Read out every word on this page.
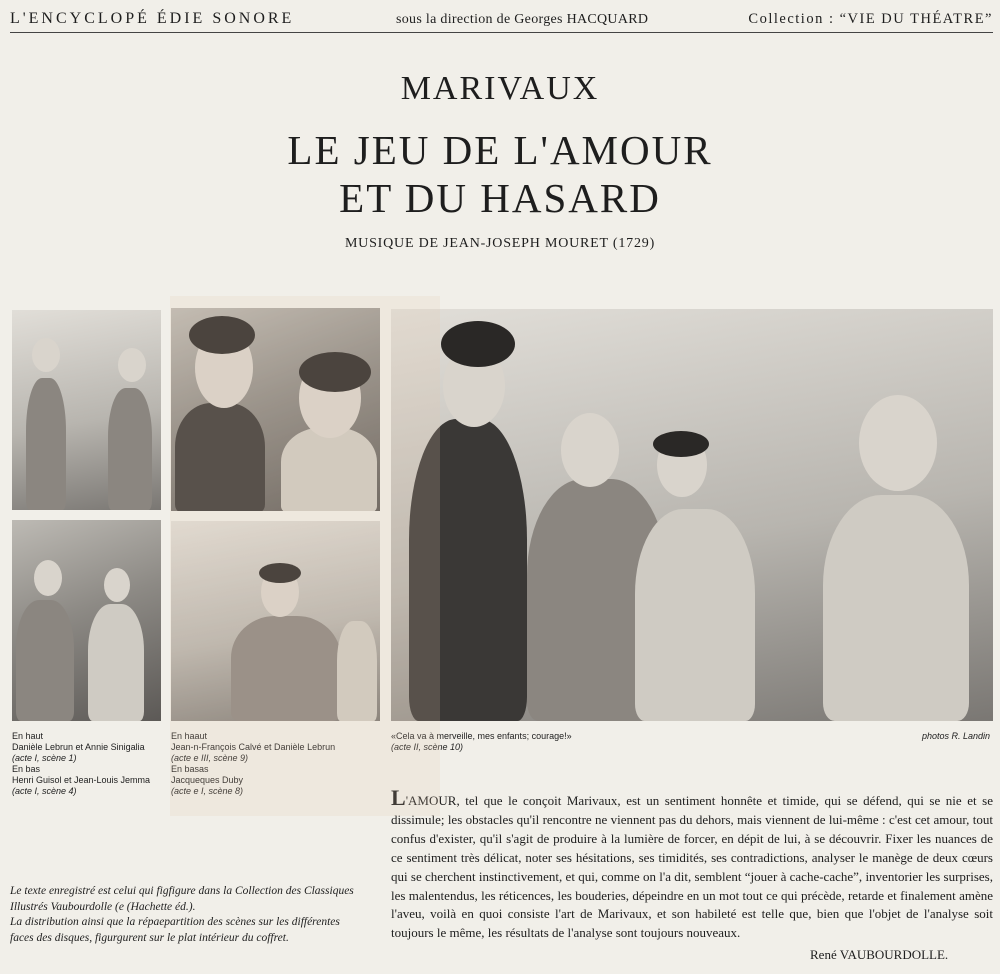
L'ENCYCLOPÉ ÉDIE SONORE	sous la direction de Georges HACQUARD	Collection : “VIE DU THÉATRE”
MARIVAUX
LE JEU DE L'AMOUR
ET DU HASARD
MUSIQUE DE JEAN-JOSEPH MOURET (1729)
En haut
Danièle Lebrun et Annie Sinigalia
(acte I, scène 1)
En bas
Henri Guisol et Jean-Louis Jemma
(acte I, scène 4)
En haaut
Jean-n-François Calvé et Danièle Lebrun
(acte e III, scène 9)
En basas
Jacqueques Duby
(acte e I, scène 8)
«Cela va à merveille, mes enfants; courage!»
(acte II, scène 10)
photos R. Landin
L'AMOUR, tel que le conçoit Marivaux, est un sentiment honnête et timide, qui se défend, qui se nie et se dissimule; les obstacles qu'il rencontre ne viennent pas du dehors, mais viennent de lui-même : c'est cet amour, tout confus d'exister, qu'il s'agit de produire à la lumière de forcer, en dépit de lui, à se découvrir. Fixer les nuances de ce sentiment très délicat, noter ses hésitations, ses timidités, ses contradictions, analyser le manège de deux cœurs qui se cherchent instinctivement, et qui, comme on l'a dit, semblent “jouer à cache-cache”, inventorier les surprises, les malentendus, les réticences, les bouderies, dépeindre en un mot tout ce qui précède, retarde et finalement amène l'aveu, voilà en quoi consiste l'art de Marivaux, et son habileté est telle que, bien que l'objet de l'analyse soit toujours le même, les résultats de l'analyse sont toujours nouveaux.
René VAUBOURDOLLE.
Le texte enregistré est celui qui figfigure dans la Collection des Classiques Illustrés Vaubourdolle (e (Hachette éd.).
La distribution ainsi que la répaepartition des scènes sur les différentes faces des disques, figurgurent sur le plat intérieur du coffret.
